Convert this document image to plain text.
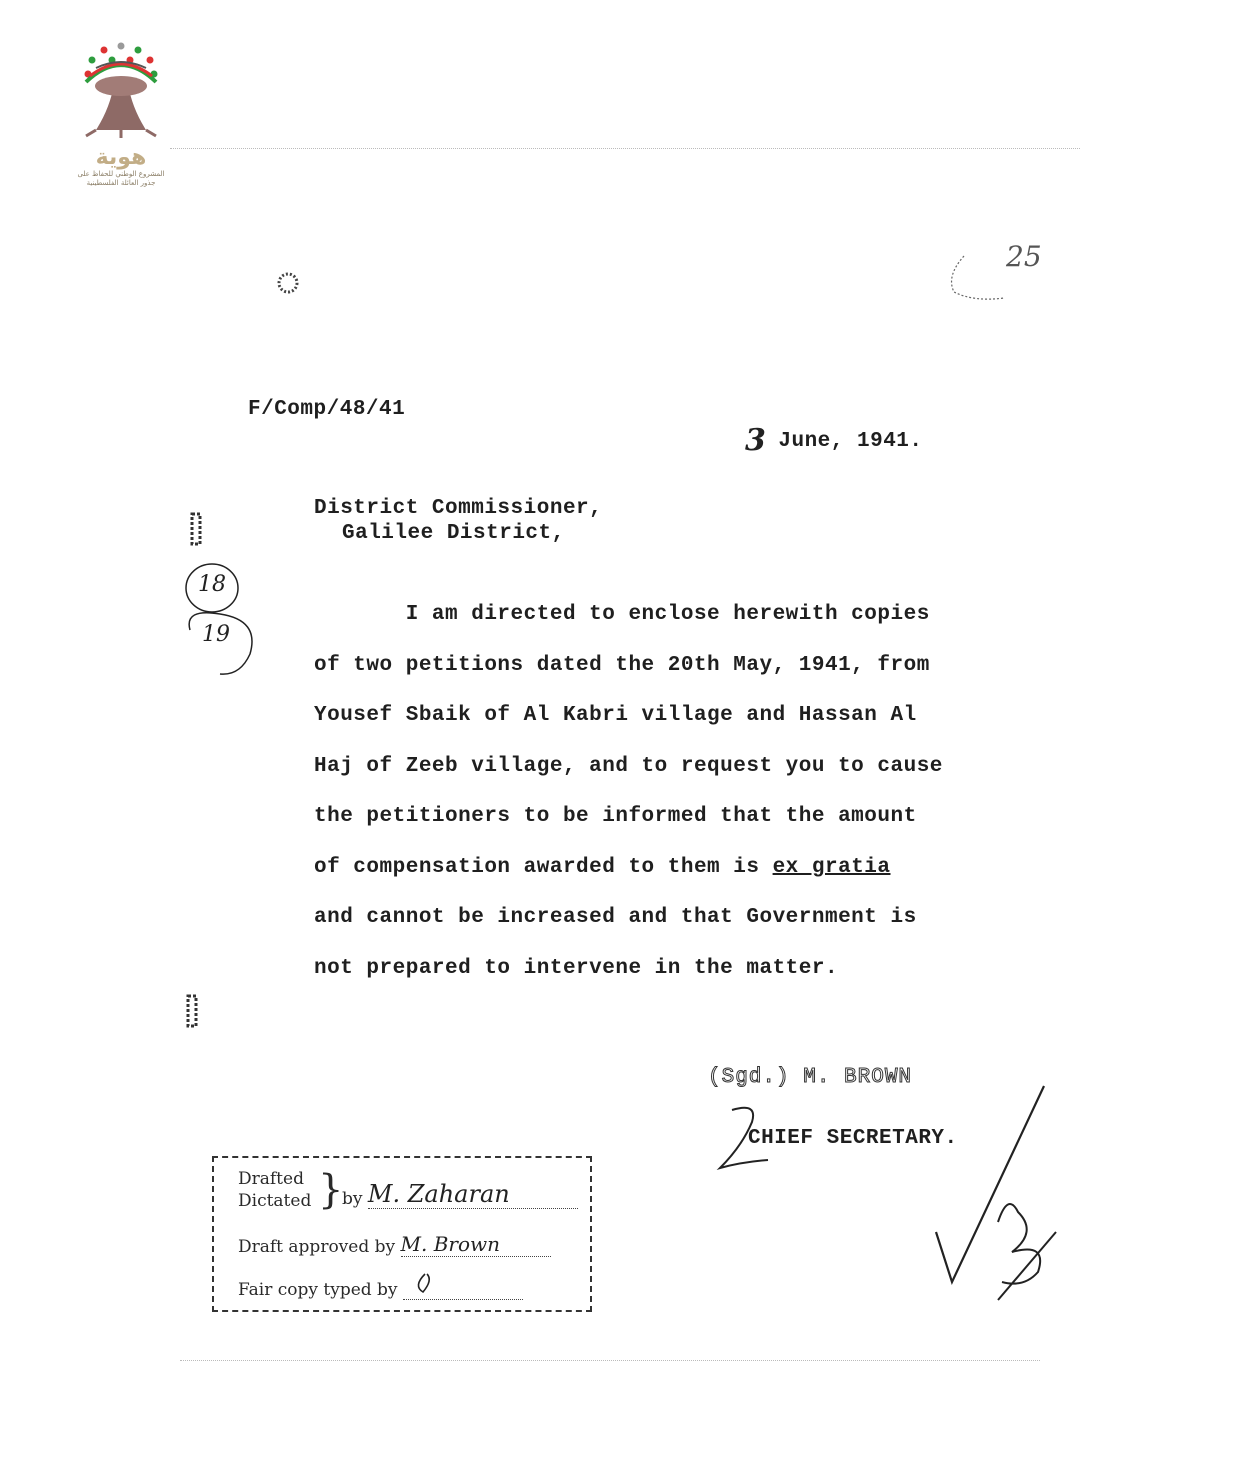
هوية
المشروع الوطني للحفاظ على
جذور العائلة الفلسطينية
25
F/Comp/48/41
3 June, 1941.
18
19
District Commissioner,
Galilee District,
I am directed to enclose herewith copies
of two petitions dated the 20th May, 1941, from
Yousef Sbaik of Al Kabri village and Hassan Al
Haj of Zeeb village, and to request you to cause
the petitioners to be informed that the amount
of compensation awarded to them is ex gratia
and cannot be increased and that Government is
not prepared to intervene in the matter.
(Sgd.) M. BROWN
CHIEF SECRETARY.
Drafted
Dictated }
by M. Zaharan
Draft approved by M. Brown
Fair copy typed by
